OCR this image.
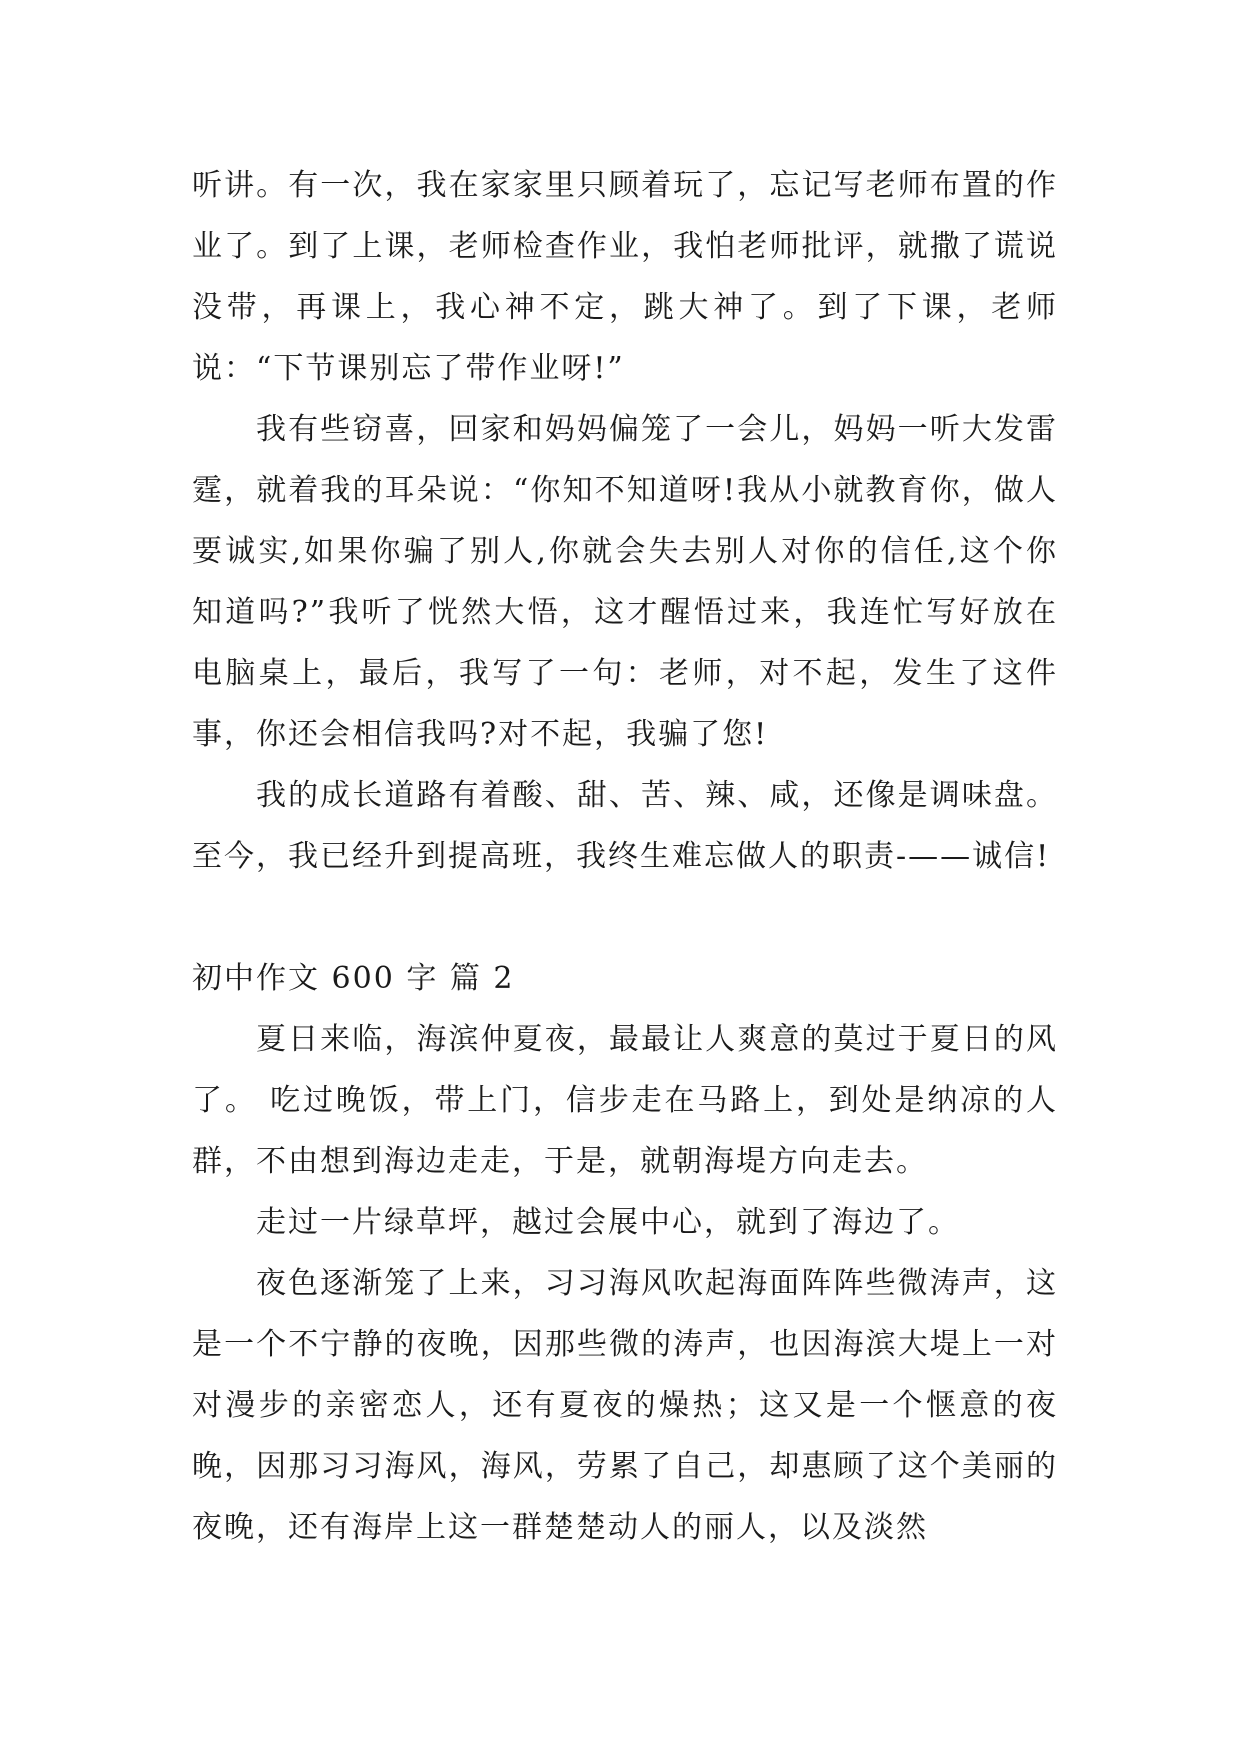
听讲。有一次，我在家家里只顾着玩了，忘记写老师布置的作业了。到了上课，老师检查作业，我怕老师批评，就撒了谎说没带，再课上，我心神不定，跳大神了。到了下课，老师说：“下节课别忘了带作业呀!”

我有些窃喜，回家和妈妈偏笼了一会儿，妈妈一听大发雷霆，就着我的耳朵说：“你知不知道呀!我从小就教育你，做人要诚实,如果你骗了别人,你就会失去别人对你的信任,这个你知道吗?”我听了恍然大悟，这才醒悟过来，我连忙写好放在电脑桌上，最后，我写了一句：老师，对不起，发生了这件事，你还会相信我吗?对不起，我骗了您!

我的成长道路有着酸、甜、苦、辣、咸，还像是调味盘。至今，我已经升到提高班，我终生难忘做人的职责-——诚信!

初中作文 600 字 篇 2

夏日来临，海滨仲夏夜，最最让人爽意的莫过于夏日的风了。 吃过晚饭，带上门，信步走在马路上，到处是纳凉的人群，不由想到海边走走，于是，就朝海堤方向走去。

走过一片绿草坪，越过会展中心，就到了海边了。

夜色逐渐笼了上来，习习海风吹起海面阵阵些微涛声，这是一个不宁静的夜晚，因那些微的涛声，也因海滨大堤上一对对漫步的亲密恋人，还有夏夜的燥热；这又是一个惬意的夜晚，因那习习海风，海风，劳累了自己，却惠顾了这个美丽的夜晚，还有海岸上这一群楚楚动人的丽人，以及淡然
